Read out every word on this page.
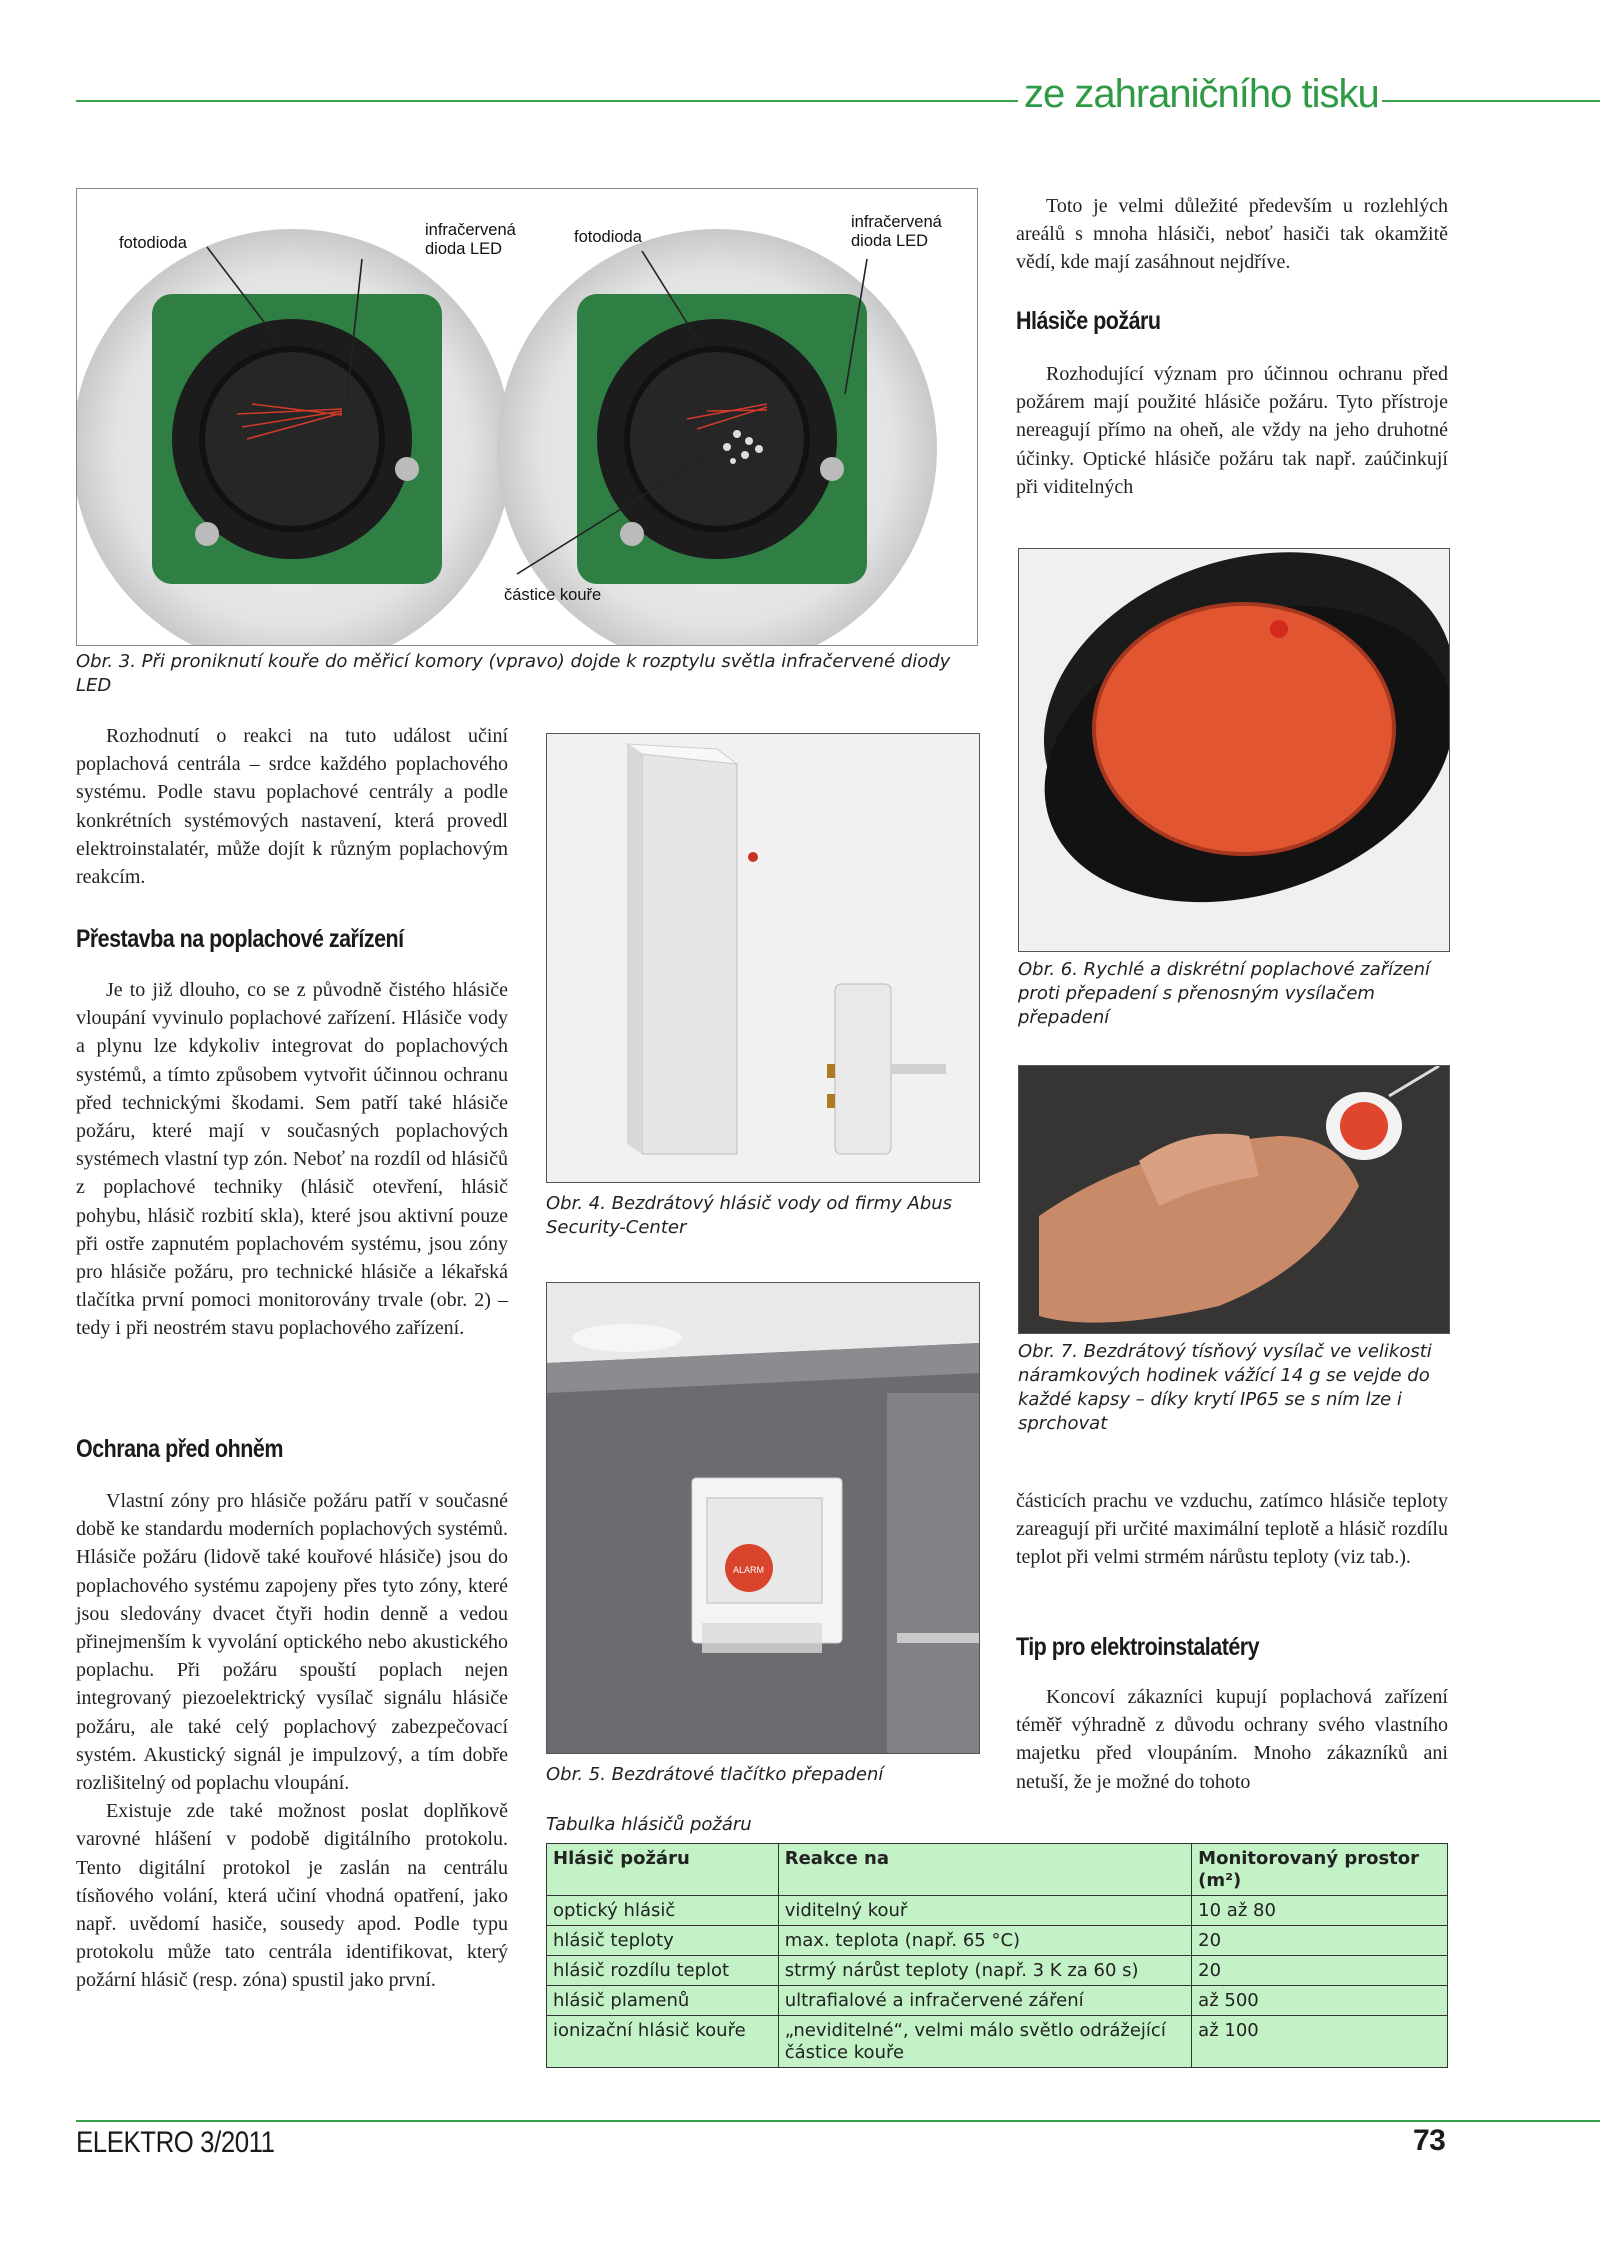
ze zahraničního tisku
fotodioda
infračervená dioda LED
fotodioda
infračervená dioda LED
částice kouře

Obr. 3. Při proniknutí kouře do měřicí komory (vpravo) dojde k rozptylu světla infračervené diody LED

Rozhodnutí o reakci na tuto událost učiní poplachová centrála – srdce každého poplachového systému. Podle stavu poplachové centrály a podle konkrétních systémových nastavení, která provedl elektroinstalatér, může dojít k různým poplachovým reakcím.

Přestavba na poplachové zařízení

Je to již dlouho, co se z původně čistého hlásiče vloupání vyvinulo poplachové zařízení. Hlásiče vody a plynu lze kdykoliv integrovat do poplachových systémů, a tímto způsobem vytvořit účinnou ochranu před technickými škodami. Sem patří také hlásiče požáru, které mají v současných poplachových systémech vlastní typ zón. Neboť na rozdíl od hlásičů z poplachové techniky (hlásič otevření, hlásič pohybu, hlásič rozbití skla), které jsou aktivní pouze při ostře zapnutém poplachovém systému, jsou zóny pro hlásiče požáru, pro technické hlásiče a lékařská tlačítka první pomoci monitorovány trvale (obr. 2) – tedy i při neostrém stavu poplachového zařízení.

Ochrana před ohněm

Vlastní zóny pro hlásiče požáru patří v současné době ke standardu moderních poplachových systémů. Hlásiče požáru (lidově také kouřové hlásiče) jsou do poplachového systému zapojeny přes tyto zóny, které jsou sledovány dvacet čtyři hodin denně a vedou přinejmenším k vyvolání optického nebo akustického poplachu. Při požáru spouští poplach nejen integrovaný piezoelektrický vysílač signálu hlásiče požáru, ale také celý poplachový zabezpečovací systém. Akustický signál je impulzový, a tím dobře rozlišitelný od poplachu vloupání.

Existuje zde také možnost poslat doplňkově varovné hlášení v podobě digitálního protokolu. Tento digitální protokol je zaslán na centrálu tísňového volání, která učiní vhodná opatření, jako např. uvědomí hasiče, sousedy apod. Podle typu protokolu může tato centrála identifikovat, který požární hlásič (resp. zóna) spustil jako první.

Obr. 4. Bezdrátový hlásič vody od firmy Abus Security-Center

ALARM

Obr. 5. Bezdrátové tlačítko přepadení

Toto je velmi důležité především u rozlehlých areálů s mnoha hlásiči, neboť hasiči tak okamžitě vědí, kde mají zasáhnout nejdříve.

Hlásiče požáru

Rozhodující význam pro účinnou ochranu před požárem mají použité hlásiče požáru. Tyto přístroje nereagují přímo na oheň, ale vždy na jeho druhotné účinky. Optické hlásiče požáru tak např. zaúčinkují při viditelných

Obr. 6. Rychlé a diskrétní poplachové zařízení proti přepadení s přenosným vysílačem přepadení

Obr. 7. Bezdrátový tísňový vysílač ve velikosti náramkových hodinek vážící 14 g se vejde do každé kapsy – díky krytí IP65 se s ním lze i sprchovat

částicích prachu ve vzduchu, zatímco hlásiče teploty zareagují při určité maximální teplotě a hlásič rozdílu teplot při velmi strmém nárůstu teploty (viz tab.).

Tip pro elektroinstalatéry

Koncoví zákazníci kupují poplachová zařízení téměř výhradně z důvodu ochrany svého vlastního majetku před vloupáním. Mnoho zákazníků ani netuší, že je možné do tohoto

Tabulka hlásičů požáru

Hlásič požáru	Reakce na	Monitorovaný prostor (m²)
optický hlásič	viditelný kouř	10 až 80
hlásič teploty	max. teplota (např. 65 °C)	20
hlásič rozdílu teplot	strmý nárůst teploty (např. 3 K za 60 s)	20
hlásič plamenů	ultrafialové a infračervené záření	až 500
ionizační hlásič kouře	„neviditelné“, velmi málo světlo odrážející částice kouře	až 100
ELEKTRO 3/2011	73
